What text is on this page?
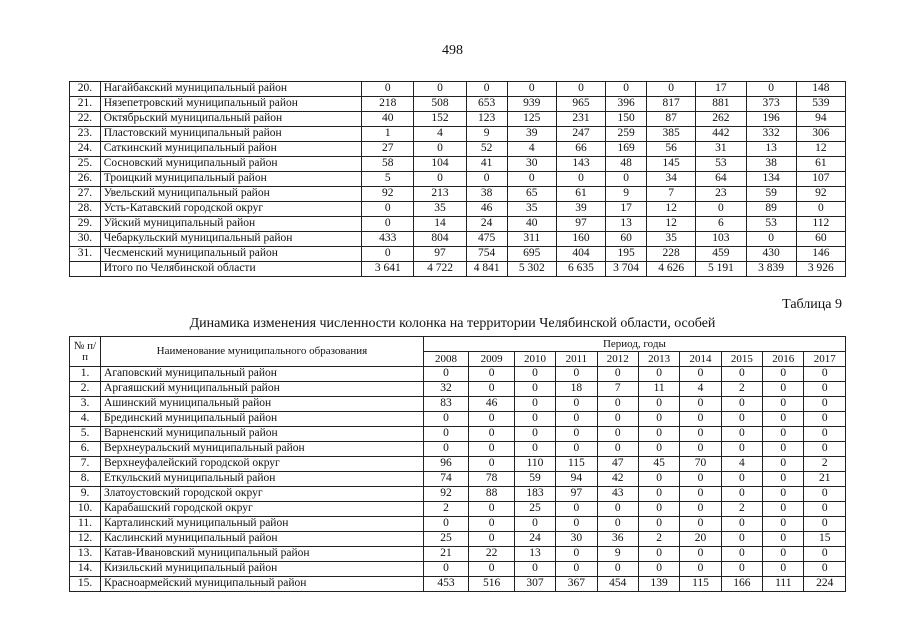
498
20.	Нагайбакский муниципальный район	0	0	0	0	0	0	0	17	0	148
21.	Нязепетровский муниципальный район	218	508	653	939	965	396	817	881	373	539
22.	Октябрьский муниципальный район	40	152	123	125	231	150	87	262	196	94
23.	Пластовский муниципальный район	1	4	9	39	247	259	385	442	332	306
24.	Саткинский муниципальный район	27	0	52	4	66	169	56	31	13	12
25.	Сосновский муниципальный район	58	104	41	30	143	48	145	53	38	61
26.	Троицкий муниципальный район	5	0	0	0	0	0	34	64	134	107
27.	Увельский муниципальный район	92	213	38	65	61	9	7	23	59	92
28.	Усть-Катавский городской округ	0	35	46	35	39	17	12	0	89	0
29.	Уйский муниципальный район	0	14	24	40	97	13	12	6	53	112
30.	Чебаркульский муниципальный район	433	804	475	311	160	60	35	103	0	60
31.	Чесменский муниципальный район	0	97	754	695	404	195	228	459	430	146
	Итого по Челябинской области	3 641	4 722	4 841	5 302	6 635	3 704	4 626	5 191	3 839	3 926
Таблица 9
Динамика изменения численности колонка на территории Челябинской области, особей
№ п/п	Наименование муниципального образования	Период, годы									
		2008	2009	2010	2011	2012	2013	2014	2015	2016	2017
1.	Агаповский муниципальный район	0	0	0	0	0	0	0	0	0	0
2.	Аргаяшский муниципальный район	32	0	0	18	7	11	4	2	0	0
3.	Ашинский муниципальный район	83	46	0	0	0	0	0	0	0	0
4.	Брединский муниципальный район	0	0	0	0	0	0	0	0	0	0
5.	Варненский муниципальный район	0	0	0	0	0	0	0	0	0	0
6.	Верхнеуральский муниципальный район	0	0	0	0	0	0	0	0	0	0
7.	Верхнеуфалейский городской округ	96	0	110	115	47	45	70	4	0	2
8.	Еткульский муниципальный район	74	78	59	94	42	0	0	0	0	21
9.	Златоустовский городской округ	92	88	183	97	43	0	0	0	0	0
10.	Карабашский городской округ	2	0	25	0	0	0	0	2	0	0
11.	Карталинский муниципальный район	0	0	0	0	0	0	0	0	0	0
12.	Каслинский муниципальный район	25	0	24	30	36	2	20	0	0	15
13.	Катав-Ивановский муниципальный район	21	22	13	0	9	0	0	0	0	0
14.	Кизильский муниципальный район	0	0	0	0	0	0	0	0	0	0
15.	Красноармейский муниципальный район	453	516	307	367	454	139	115	166	111	224
